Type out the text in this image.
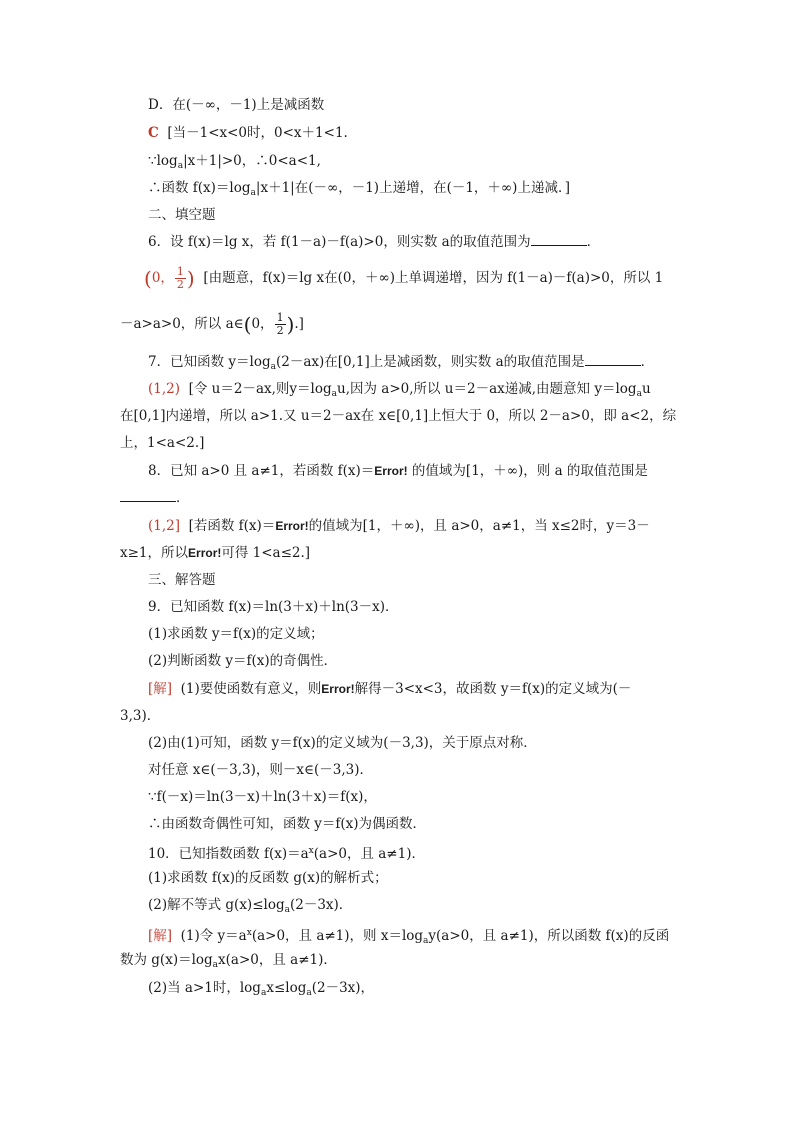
D．在(－∞，－1)上是减函数
C [当－1<x<0时，0<x＋1<1.
$\because\log_a|x+1|>0$，∴0<a<1,
∴函数 $f(x)=\log_a|x+1|$在(－∞，－1)上递增，在(－1，＋∞)上递减．]
二、填空题
6．设 f(x)＝lg x，若 f(1－a)－f(a)>0，则实数 a的取值范围为	．
(0， $\frac{1}{2}$ ) [由题意，f(x)＝lg x在(0，＋∞)上单调递增，因为 f(1－a)－f(a)>0，所以 1
－a>a>0，所以 a∈(0， $\frac{1}{2}$ ).]
7．已知函数 $y=\log_a(2-ax)$在[0,1]上是减函数，则实数 a的取值范围是	．
(1,2) [令 u＝2－ax,则$y=\log_au$,因为 a>0,所以 u＝2－ax递减,由题意知 $y=\log_au$
在[0,1]内递增，所以 a>1.又 u＝2－ax在 x∈[0,1]上恒大于 0，所以 2－a>0，即 a<2，综
上，1<a<2.]
8．已知 a>0 且 a≠1，若函数 f(x)＝Error! 的值域为[1，＋∞)，则 a 的取值范围是
．
(1,2] [若函数 f(x)＝Error!的值域为[1，＋∞)，且 a>0，a≠1，当 x≤2时，y＝3－
x≥1，所以Error!可得 1<a≤2.]
三、解答题
9．已知函数 f(x)＝ln(3＋x)＋ln(3－x)．
(1)求函数 y＝f(x)的定义域；
(2)判断函数 y＝f(x)的奇偶性．
[解] (1)要使函数有意义，则Error!解得－3<x<3，故函数 y＝f(x)的定义域为(－
3,3)．
(2)由(1)可知，函数 y＝f(x)的定义域为(－3,3)，关于原点对称．
对任意 x∈(－3,3)，则－x∈(－3,3)．
∵f(－x)＝ln(3－x)＋ln(3＋x)＝f(x)，
∴由函数奇偶性可知，函数 y＝f(x)为偶函数．
10．已知指数函数 $f(x)=a^x(a>0$，且 a≠1)．
(1)求函数 f(x)的反函数 g(x)的解析式；
(2)解不等式 $g(x)\le\log_a(2-3x)$．
[解] (1)令 $y=a^x(a>0$，且 a≠1)，则 $x=\log_ay(a>0$，且 a≠1)，所以函数 f(x)的反函
数为 $g(x)=\log_ax(a>0$，且 a≠1)．
(2)当 a>1时，$\log_ax\le\log_a(2-3x)$，
